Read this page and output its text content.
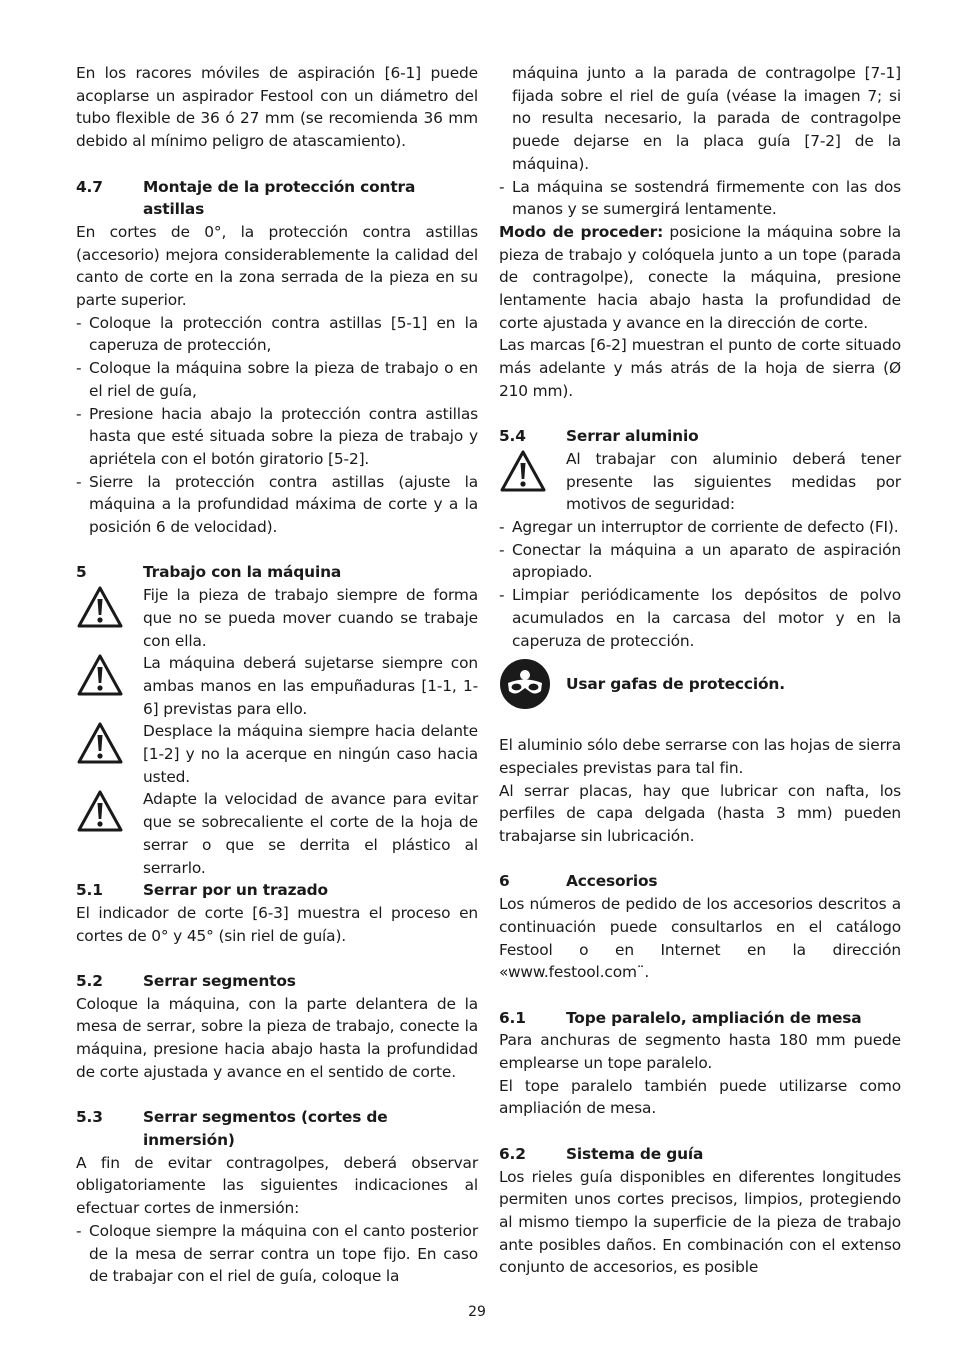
En los racores móviles de aspiración [6-1] puede acoplarse un aspirador Festool con un diámetro del tubo flexible de 36 ó 27 mm (se recomienda 36 mm debido al mínimo peligro de atascamiento).

4.7	Montaje de la protección contra astillas

En cortes de 0°, la protección contra astillas (accesorio) mejora considerablemente la calidad del canto de corte en la zona serrada de la pieza en su parte superior.

- Coloque la protección contra astillas [5-1] en la caperuza de protección,
- Coloque la máquina sobre la pieza de trabajo o en el riel de guía,
- Presione hacia abajo la protección contra astillas hasta que esté situada sobre la pieza de trabajo y apriétela con el botón giratorio [5-2].
- Sierre la protección contra astillas (ajuste la máquina a la profundidad máxima de corte y a la posición 6 de velocidad).
5	Trabajo con la máquina
Fije la pieza de trabajo siempre de forma que no se pueda mover cuando se trabaje con ella.
La máquina deberá sujetarse siempre con ambas manos en las empuñaduras [1-1, 1-6] previstas para ello.
Desplace la máquina siempre hacia delante [1-2] y no la acerque en ningún caso hacia usted.
Adapte la velocidad de avance para evitar que se sobrecaliente el corte de la hoja de serrar o que se derrita el plástico al serrarlo.
5.1	Serrar por un trazado

El indicador de corte [6-3] muestra el proceso en cortes de 0° y 45° (sin riel de guía).

5.2	Serrar segmentos

Coloque la máquina, con la parte delantera de la mesa de serrar, sobre la pieza de trabajo, conecte la máquina, presione hacia abajo hasta la profundidad de corte ajustada y avance en el sentido de corte.

5.3	Serrar segmentos (cortes de inmersión)

A fin de evitar contragolpes, deberá observar obligatoriamente las siguientes indicaciones al efectuar cortes de inmersión:

- Coloque siempre la máquina con el canto posterior de la mesa de serrar contra un tope fijo. En caso de trabajar con el riel de guía, coloque la
máquina junto a la parada de contragolpe [7-1] fijada sobre el riel de guía (véase la imagen 7; si no resulta necesario, la parada de contragolpe puede dejarse en la placa guía [7-2] de la máquina).
- La máquina se sostendrá firmemente con las dos manos y se sumergirá lentamente.

Modo de proceder: posicione la máquina sobre la pieza de trabajo y colóquela junto a un tope (parada de contragolpe), conecte la máquina, presione lentamente hacia abajo hasta la profundidad de corte ajustada y avance en la dirección de corte.

Las marcas [6-2] muestran el punto de corte situado más adelante y más atrás de la hoja de sierra (Ø 210 mm).

5.4	Serrar aluminio
Al trabajar con aluminio deberá tener presente las siguientes medidas por motivos de seguridad:
- Agregar un interruptor de corriente de defecto (FI).
- Conectar la máquina a un aparato de aspiración apropiado.
- Limpiar periódicamente los depósitos de polvo acumulados en la carcasa del motor y en la caperuza de protección.
Usar gafas de protección.

El aluminio sólo debe serrarse con las hojas de sierra especiales previstas para tal fin.

Al serrar placas, hay que lubricar con nafta, los perfiles de capa delgada (hasta 3 mm) pueden trabajarse sin lubricación.

6	Accesorios

Los números de pedido de los accesorios descritos a continuación puede consultarlos en el catálogo Festool o en Internet en la dirección «www.festool.com¨.

6.1	Tope paralelo, ampliación de mesa

Para anchuras de segmento hasta 180 mm puede emplearse un tope paralelo.

El tope paralelo también puede utilizarse como ampliación de mesa.

6.2	Sistema de guía

Los rieles guía disponibles en diferentes longitudes permiten unos cortes precisos, limpios, protegiendo al mismo tiempo la superficie de la pieza de trabajo ante posibles daños. En combinación con el extenso conjunto de accesorios, es posible

29
